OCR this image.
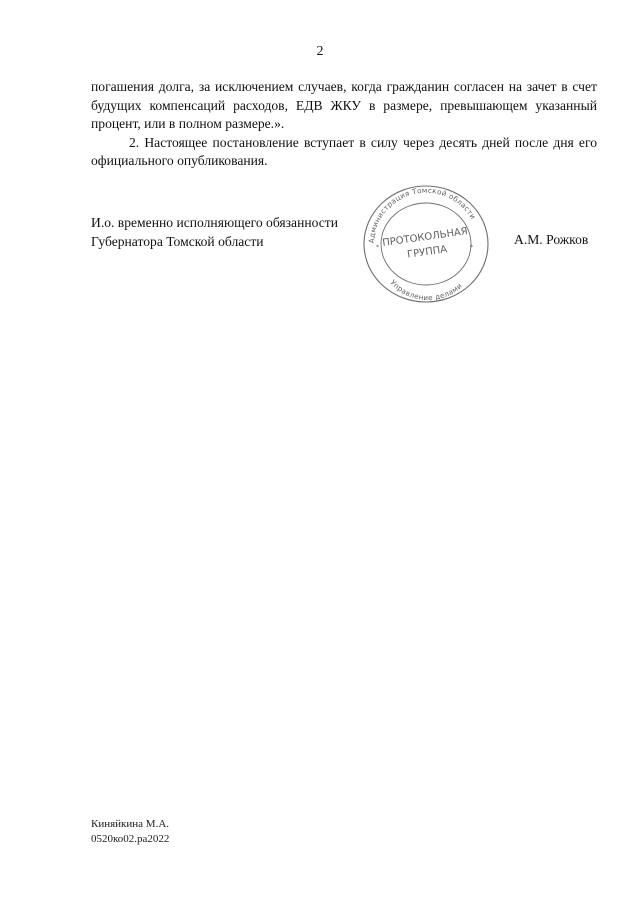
2

погашения долга, за исключением случаев, когда гражданин согласен на зачет в счет будущих компенсаций расходов, ЕДВ ЖКУ в размере, превышающем указанный процент, или в полном размере.».

2. Настоящее постановление вступает в силу через десять дней после дня его официального опубликования.

И.о. временно исполняющего обязанности
Губернатора Томской области	А.М. Рожков
Администрация Томской области
Управление делами
*	*
ПРОТОКОЛЬНАЯ
ГРУППА
Киняйкина М.А.
0520ко02.ра2022
